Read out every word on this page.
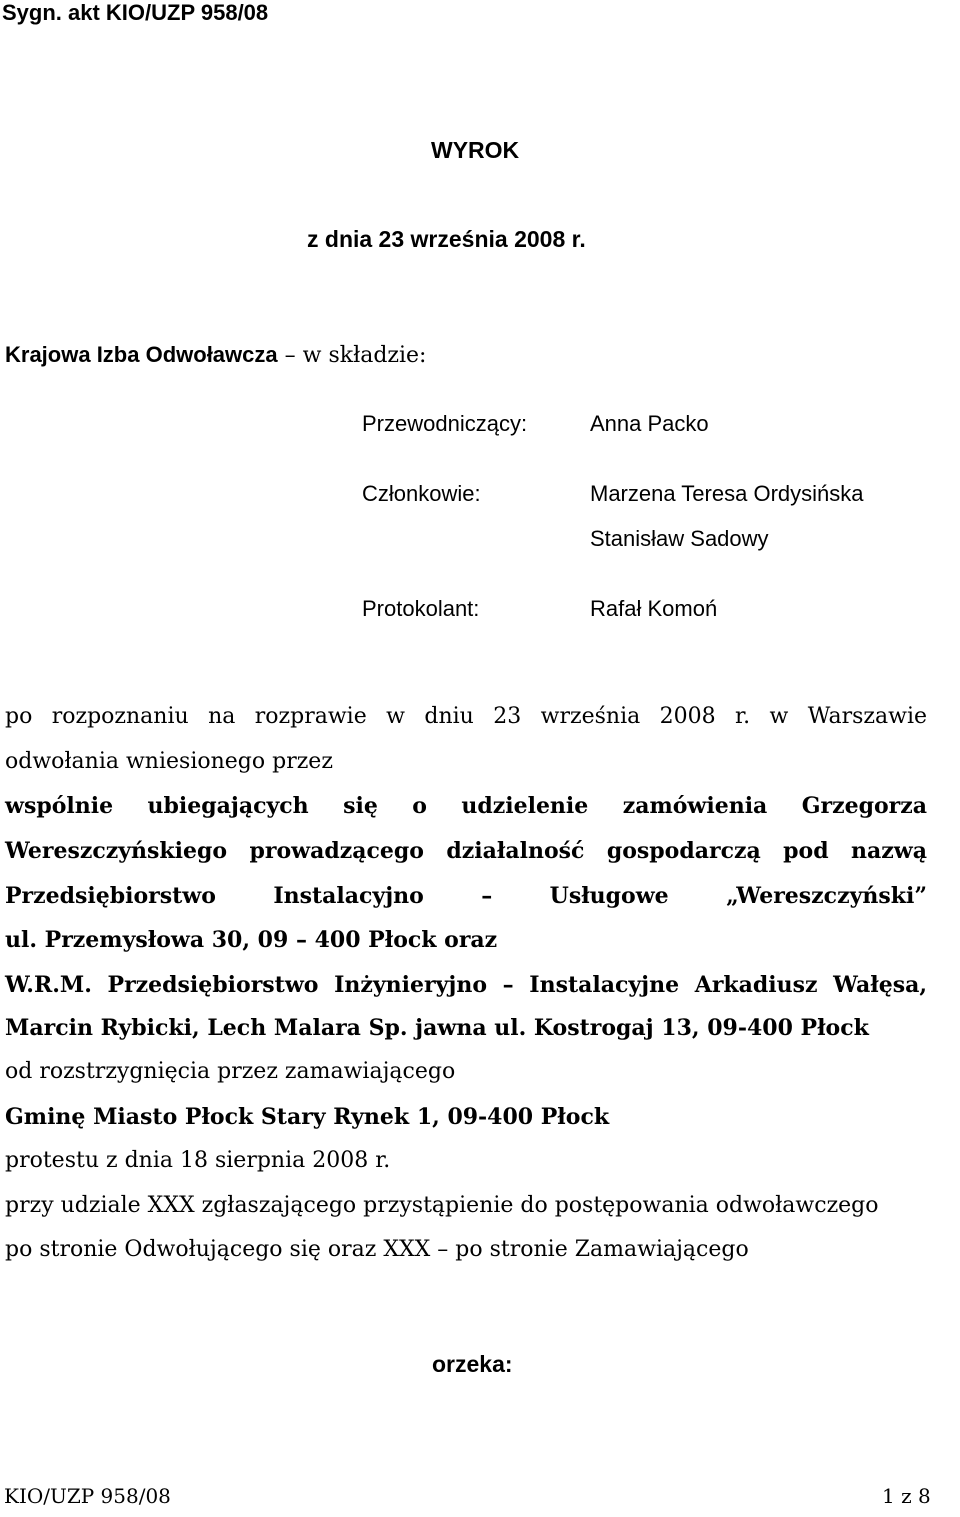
Sygn. akt KIO/UZP 958/08
WYROK
z dnia 23 września 2008 r.
Krajowa Izba Odwoławcza – w składzie:
Przewodniczący:	Anna Packo
Członkowie:	Marzena Teresa Ordysińska
Stanisław Sadowy
Protokolant:	Rafał Komoń
po rozpoznaniu na rozprawie w dniu 23 września 2008 r. w Warszawie
odwołania wniesionego przez
wspólnie ubiegających się o udzielenie zamówienia Grzegorza
Wereszczyńskiego prowadzącego działalność gospodarczą pod nazwą
Przedsiębiorstwo Instalacyjno – Usługowe „Wereszczyński”
ul. Przemysłowa 30, 09 – 400 Płock oraz
W.R.M. Przedsiębiorstwo Inżynieryjno – Instalacyjne Arkadiusz Wałęsa,
Marcin Rybicki, Lech Malara Sp. jawna ul. Kostrogaj 13, 09-400 Płock
od rozstrzygnięcia przez zamawiającego
Gminę Miasto Płock Stary Rynek 1, 09-400 Płock
protestu z dnia 18 sierpnia 2008 r.
przy udziale XXX zgłaszającego przystąpienie do postępowania odwoławczego
po stronie Odwołującego się oraz XXX – po stronie Zamawiającego
orzeka:
KIO/UZP 958/08	1 z 8
